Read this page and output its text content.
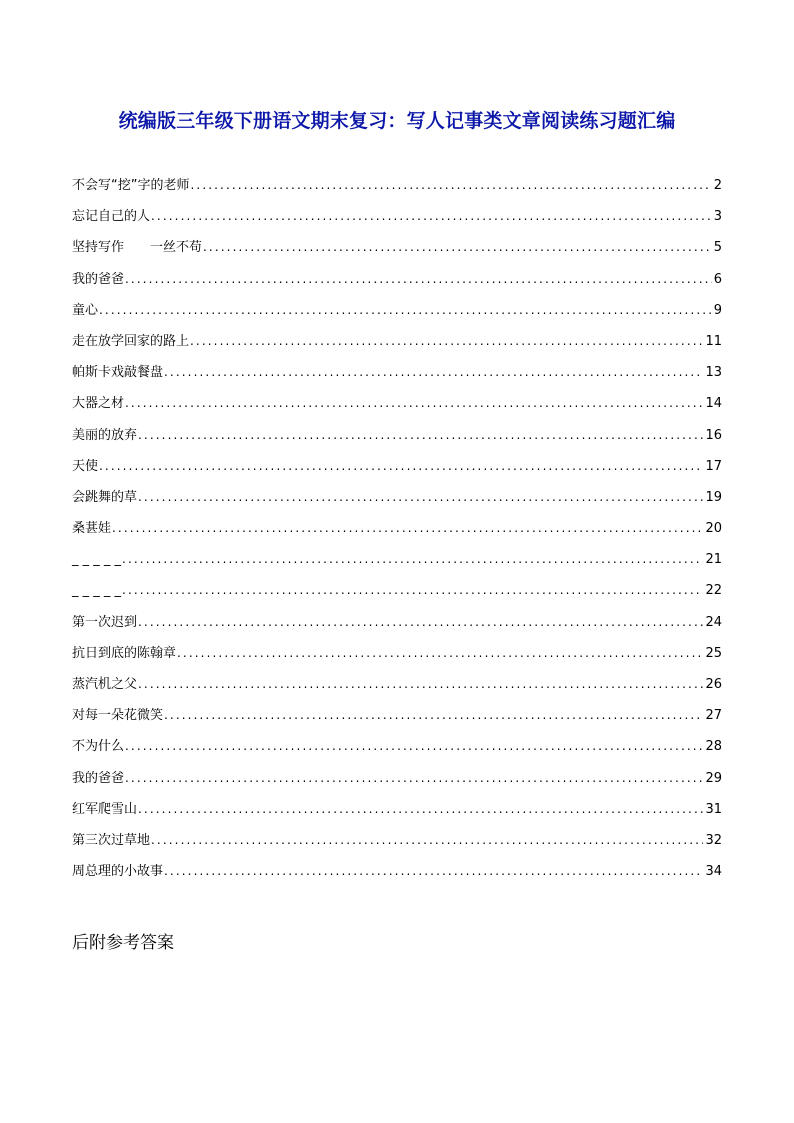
统编版三年级下册语文期末复习：写人记事类文章阅读练习题汇编
不会写“挖”字的老师 .....	2
忘记自己的人 .....	3
坚持写作　　一丝不苟 .....	5
我的爸爸 .....	6
童心 .....	9
走在放学回家的路上 .....	11
帕斯卡戏敲餐盘 .....	13
大器之材 .....	14
美丽的放弃 .....	16
天使 .....	17
会跳舞的草 .....	19
桑葚娃 .....	20
_ _ _ _ _ .....	21
_ _ _ _ _ .....	22
第一次迟到 .....	24
抗日到底的陈翰章 .....	25
蒸汽机之父 .....	26
对每一朵花微笑 .....	27
不为什么 .....	28
我的爸爸 .....	29
红军爬雪山 .....	31
第三次过草地 .....	32
周总理的小故事 .....	34
后附参考答案
